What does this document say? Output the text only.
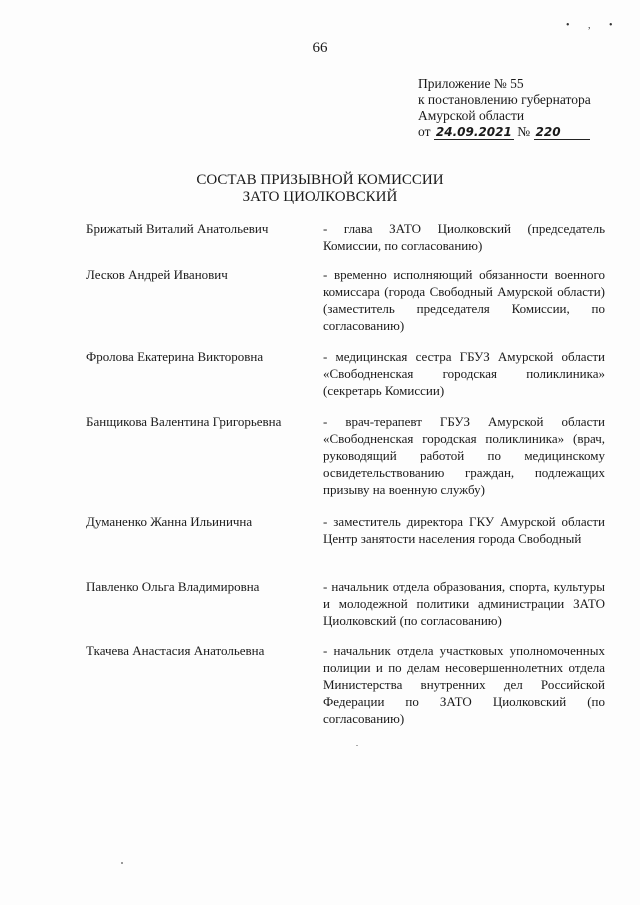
• , •
66
Приложение № 55
к постановлению губернатора
Амурской области
от 24.09.2021 № 220
СОСТАВ ПРИЗЫВНОЙ КОМИССИИ
ЗАТО ЦИОЛКОВСКИЙ
Брижатый Виталий Анатольевич	- глава ЗАТО Циолковский (председатель Комиссии, по согласованию)
Лесков Андрей Иванович	- временно исполняющий обязанности военного комиссара (города Свободный Амурской области) (заместитель председателя Комиссии, по согласованию)
Фролова Екатерина Викторовна	- медицинская сестра ГБУЗ Амурской области «Свободненская городская поликлиника» (секретарь Комиссии)
Банщикова Валентина Григорьевна	- врач-терапевт ГБУЗ Амурской области «Свободненская городская поликлиника» (врач, руководящий работой по медицинскому освидетельствованию граждан, подлежащих призыву на военную службу)
Думаненко Жанна Ильинична	- заместитель директора ГКУ Амурской области Центр занятости населения города Свободный
Павленко Ольга Владимировна	- начальник отдела образования, спорта, культуры и молодежной политики администрации ЗАТО Циолковский (по согласованию)
Ткачева Анастасия Анатольевна	- начальник отдела участковых уполномоченных полиции и по делам несовершеннолетних отдела Министерства внутренних дел Российской Федерации по ЗАТО Циолковский (по согласованию)
